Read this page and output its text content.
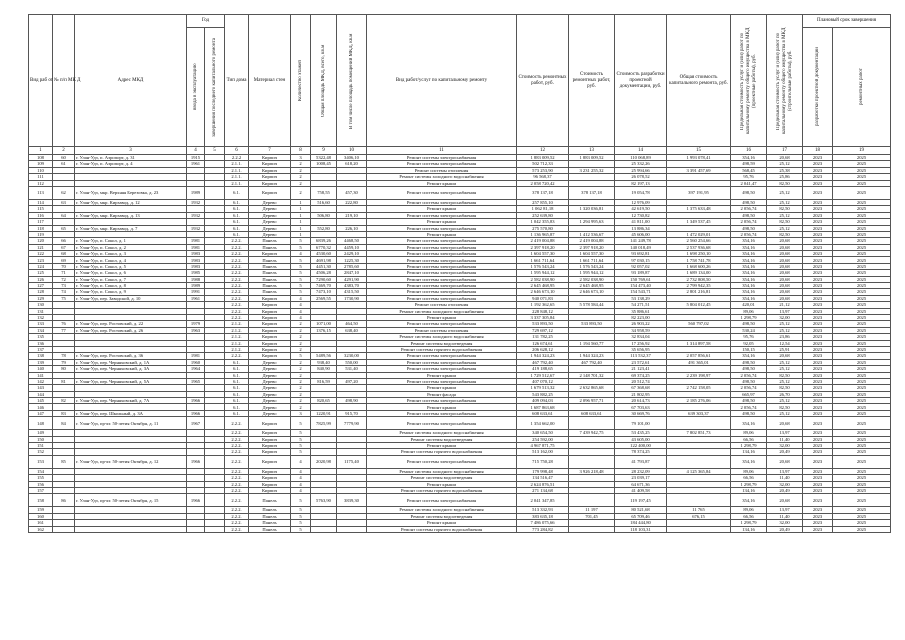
Вид раб от	№ п/п МК Д	Адрес МКД	Год		Тип дома	Материал стен	Количество этажей	Общая площадь МКД, всего, кв.м	В том числе площадь помещений МКД, кв.м	Вид работ/услуг по капитальному ремонту	Стоимость ремонтных работ, руб.	Стоимость ремонтных работ, руб.	Стоимость разработки проектной документации, руб.	Общая стоимость капитального ремонта, руб.	Предельная стоимость услуг и (или) работ по капитальному ремонту общего имущества в МКД (проектные работы), руб.	Предельная стоимость услуг и (или) работ по капитальному ремонту общего имущества в МКД (строительные работы), руб.	Плановый срок завершения	

			ввода в эксплуатацию	завершения последнего капитального ремонта													разработки проектной документации	ремонтных работ

1	2	3	4	5	6	7	8	9	10	11	12	13	14	15	16	17	18	19
108	60	г. Улан-Удэ, п. Аэропорт, д. 31	1915		2.2.2	Кирпич	3	5322,48	3406,10	Ремонт системы электроснабжения	1 883 009,52	1 883 009,52	110 068,89	1 993 078,41	354,16	20,68	2023	2025
109	61	г. Улан-Удэ, п. Аэропорт, д. 4	1961		2.1.1.	Кирпич	2	1008,45	618,20	Ремонт системы электроснабжения	502 712,33		25 332,26		498,59	25,12	2023	2025
110					2.1.1.	Кирпич	2			Ремонт системы отопления	573 253,90	3 231 255,32	25 994,66	3 391 457,69	568,45	25,38	2023	2025
111					2.1.1.	Кирпич	2			Ремонт системы холодного водоснабжения	96 568,37		26 078,52		95,76	25,86	2023	2025
112					2.1.1.	Кирпич	2			Ремонт крыши	2 058 720,42		82 197,13		2 041,47	82,50	2023	2025
113	62	г. Улан-Удэ, мкр. Верхняя Березовка, д. 23	1989		6.1.	Кирпич	2	758,55	457,30	Ремонт системы электроснабжения	378 137,18	378 137,18	19 054,78	397 191,95	498,50	25,12	2023	2025
114	63	г. Улан-Удэ, мкр. Кирзавод, д. 12	1932		6.1.	Дерево	1	516,60	222,80	Ремонт системы электроснабжения	257 855,10		12 976,09		498,50	25,12	2023	2025
115					6.1.	Дерево	1			Ремонт крыши	1 062 81,18	1 320 036,81	42 619,50	1 375 633,48	2 056,74	82,50	2023	2025
116	64	г. Улан-Удэ, мкр. Кирзавод, д. 13	1932		6.1.	Дерево	1	506,80	219,10	Ремонт системы электроснабжения	252 639,80		12 730,82		498,50	25,12	2023	2025
117					6.1.	Дерево	1			Ремонт крыши	1 042 355,83	1 294 995,63	41 811,00	1 349 537,45	2 056,74	82,50	2023	2025
118	65	г. Улан-Удэ, мкр. Кирзавод, д. 7	1932		6.1.	Дерево	1	552,80	226,10	Ремонт системы электроснабжения	275 570,80		13 886,34		498,50	25,12	2023	2025
119					6.1.	Дерево	1			Ремонт крыши	1 136 965,87	1 412 536,67	45 606,00	1 472 029,01	2 056,74	82,50	2023	2025
120	66	г. Улан-Удэ, п. Сокол, д. 1	1981		2.2.2.	Панель	5	6839,26	4468,50	Ремонт системы электроснабжения	2 419 004,88	2 419 004,88	141 249,78	2 560 254,66	354,16	20,68	2023	2025
121	67	г. Улан-Удэ, п. Сокол, д. 2	1981		2.2.2.	Панель	5	6770,32	4459,10	Ремонт системы электроснабжения	2 397 918,20	2 397 918,20	140 018,49	2 537 936,68	354,16	20,68	2023	2025
122	68	г. Улан-Удэ, п. Сокол, д. 3	1983		2.2.2.	Кирпич	4	4530,60	2429,10	Ремонт системы электроснабжения	1 604 557,30	1 604 557,30	93 692,81	1 698 250,10	354,16	20,68	2023	2025
123	69	г. Улан-Удэ, п. Сокол, д. 4	1983		2.2.2.	Панель	5	4691,98	1225,30	Ремонт системы электроснабжения	1 661 711,64	1 661 711,64	97 030,15	1 758 741,78	354,16	20,68	2023	2025
124	70	г. Улан-Удэ, п. Сокол, д. 5	1983		2.2.2.	Панель	5	4451,30	2785,60	Ремонт системы электроснабжения	1 576 543,24	1 576 543,24	92 057,02	1 668 600,26	354,16	20,68	2023	2025
125	71	г. Улан-Удэ, п. Сокол, д. 6	1985		2.2.2.	Панель	5	4506,28	2847,10	Ремонт системы электроснабжения	1 595 944,12	1 595 944,12	93 189,87	1 689 134,00	354,16	20,68	2023	2025
126	72	г. Улан-Удэ, п. Сокол, д. 7	1988		2.2.2.	Панель	5	7290,60	4291,90	Ремонт системы электроснабжения	2 582 038,90	2 582 038,90	150 769,61	2 732 808,50	354,16	20,68	2023	2025
127	73	г. Улан-Удэ, п. Сокол, д. 8	1989		2.2.2.	Панель	5	7469,70	4383,70	Ремонт системы электроснабжения	2 645 468,95	2 645 468,95	154 473,40	2 799 942,35	354,16	20,68	2023	2025
128	74	г. Улан-Удэ, п. Сокол, д. 9	1991		2.2.2.	Панель	5	7473,10	4315,50	Ремонт системы электроснабжения	2 646 673,10	2 646 673,10	154 543,71	2 801 216,81	354,16	20,68	2023	2025
129	75	г. Улан-Удэ, пер. Заводской, д. 10	1961		2.2.2.	Кирпич	4	2569,55	1730,90	Ремонт системы электроснабжения	940 071,83		53 138,29		354,16	20,68	2023	2025
130					2.2.2.	Кирпич	4			Ремонт системы отопления	1 192 362,65	5 578 584,44	54 271,51	5 804 012,45	420,01	21,12	2023	2025
131					2.2.2.	Кирпич	4			Ремонт системы холодного водоснабжения	228 848,12		35 886,61		89,06	13,97	2023	2025
132					2.2.2.	Кирпич	4			Ремонт крыши	3 337 305,84		82 223,00		1 298,79	32,00	2023	2025
133	76	г. Улан-Удэ, пер. Ростовский, д. 22	1979		2.1.2.	Кирпич	2	1071,00	464,50	Ремонт системы электроснабжения	533 893,50	533 893,50	26 903,22	560 797,02	498,50	25,12	2023	2025
134	77	г. Улан-Удэ, пер. Ростовский, д. 26	1963		2.1.2.	Кирпич	2	1376,15	638,40	Ремонт системы отопления	729 697,12		34 958,59		530,24	25,12	2023	2025
135					2.1.2.	Кирпич	2			Ремонт системы холодного водоснабжения	131 782,25		32 834,04		95,76	23,86	2023	2025
136					2.1.2.	Кирпич	2			Ремонт системы водоотведения	126 674,61	1 194 560,77	17 256,92	1 314 897,58	92,05	12,54	2023	2025
137					2.1.2.	Кирпич	2			Ремонт системы горячего водоснабжения	206 628,12		35 656,95		150,15	25,91	2023	2025
138	78	г. Улан-Удэ, пер. Ростовский, д. 36	1981		2.2.2.	Кирпич	5	5489,56	3230,00	Ремонт системы электроснабжения	1 944 324,23	1 944 324,23	113 532,37	2 057 856,61	354,16	20,68	2023	2025
139	79	г. Улан-Удэ, пер. Черняховский, д. 1А	1960		6.1.	Дерево	2	938,40	550,00	Ремонт системы электроснабжения	467 792,40	467 792,40	23 572,61	491 365,01	498,50	25,12	2023	2025
140	80	г. Улан-Удэ, пер. Черняховский, д. 3А	1964		6.1.	Дерево	2	840,90	531,40	Ремонт системы электроснабжения	419 188,65		21 123,41		498,50	25,12	2023	2025
141					6.1.	Дерево	2			Ремонт крыши	1 729 512,67	2 148 701,32	69 374,25	2 239 198,97	2 056,74	82,50	2023	2025
142	81	г. Улан-Удэ, пер. Черняховский, д. 5А	1965		6.1.	Дерево	2	816,59	497,20	Ремонт системы электроснабжения	407 070,12		20 512,74		498,50	25,12	2023	2025
143					6.1.	Дерево	2			Ремонт крыши	1 679 513,32	2 632 865,68	67 368,68	2 742 158,05	2 056,74	82,50	2023	2025
144					6.1.	Дерево	2			Ремонт фасада	543 882,25		21 802,95		665,97	26,70	2023	2025
145	82	г. Улан-Удэ, пер. Черняховский, д. 7А	1966		6.1.	Дерево	2	820,65	498,90	Ремонт системы электроснабжения	409 094,03	2 096 957,71	20 614,73	2 185 276,06	498,50	25,12	2023	2025
146					6.1.	Дерево	2			Ремонт крыши	1 687 863,68		67 703,63		2 056,74	82,50	2023	2025
147	83	г. Улан-Удэ, пер. Школьный, д. 3А	1966		6.1.	Дерево	3	1220,91	915,70	Ремонт системы электроснабжения	608 633,61	608 633,61	30 669,76	639 303,37	498,50	25,12	2023	2025
148	84	г. Улан-Удэ, пр-кт. 50-летия Октября, д. 11	1967		2.2.2.	Кирпич	5	7825,99	7779,90	Ремонт системы электроснабжения	1 354 662,00		79 101,00		354,16	20,68	2023	2025
149					2.2.2.	Кирпич	5			Ремонт системы холодного водоснабжения	340 654,50	7 439 942,75	53 435,25	7 802 851,73	89,06	13,97	2023	2025
150					2.2.2.	Кирпич	5			Ремонт системы водоотведения	254 592,00		43 605,00		66,56	11,40	2023	2025
151					2.2.2.	Кирпич	5			Ремонт крыши	4 967 871,75		122 400,00		1 298,79	32,00	2023	2025
152					2.2.2.	Кирпич	5			Ремонт системы горячего водоснабжения	513 162,00		78 374,25		134,16	20,49	2023	2025
153	85	г. Улан-Удэ, пр-кт. 50-летия Октября, д. 12	1966		2.2.2.	Кирпич	4	2020,98	1175,40	Ремонт системы электроснабжения	715 750,28		41 793,87		354,16	20,68	2023	2025
154					2.2.2.	Кирпич	4			Ремонт системы холодного водоснабжения	179 998,48	3 926 218,48	28 232,09	4 125 365,84	89,06	13,97	2023	2025
155					2.2.2.	Кирпич	4			Ремонт системы водоотведения	134 516,47		23 039,17		66,56	11,40	2023	2025
156					2.2.2.	Кирпич	4			Ремонт крыши	2 624 876,51		64 671,36		1 298,79	32,00	2023	2025
157					2.2.2.	Кирпич	4			Ремонт системы горячего водоснабжения	271 134,68		41 409,58		134,16	20,49	2023	2025
158	86	г. Улан-Удэ, пр-кт. 50-летия Октября, д. 15	1966		2.2.2.	Панель	5	5763,90	3839,30	Ремонт системы электроснабжения	2 041 347,85		119 197,45		354,16	20,68	2023	2025
159					2.2.2.	Панель	5			Ремонт системы холодного водоснабжения	513 332,93	11 197	80 521,68	11 765	89,06	13,97	2023	2025
160					2.2.2.	Панель	5			Ремонт системы водоотведения	383 635,18	701,45	65 709,46	676,15	66,56	11,40	2023	2025
161					2.2.2.	Панель	5			Ремонт крыши	7 486 075,66		184 444,80		1 298,79	32,00	2023	2025
162					2.2.2.	Панель	5			Ремонт системы горячего водоснабжения	773 284,82		118 103,31		134,16	20,49	2023	2025
